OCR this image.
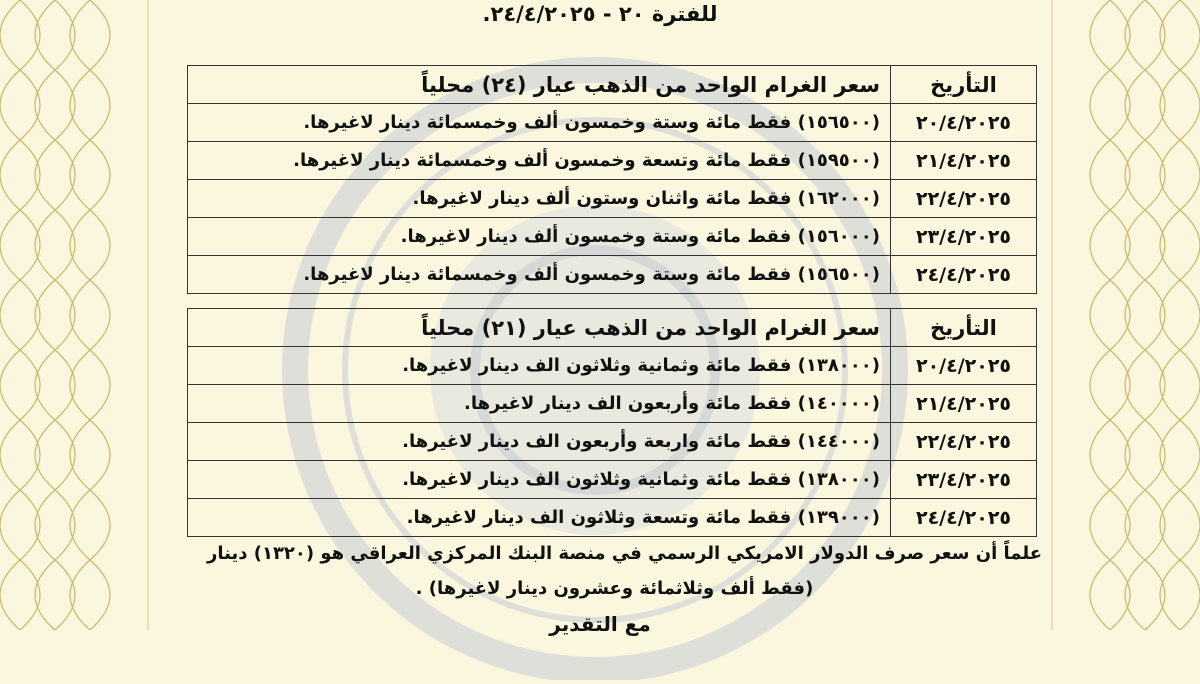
للفترة ٢٠ - ٢٤/٤/٢٠٢٥.
التأريخ	سعر الغرام الواحد من الذهب عيار (٢٤) محلياً
٢٠/٤/٢٠٢٥	(١٥٦٥٠٠) فقط مائة وستة وخمسون ألف وخمسمائة دينار لاغيرها.
٢١/٤/٢٠٢٥	(١٥٩٥٠٠) فقط مائة وتسعة وخمسون ألف وخمسمائة دينار لاغيرها.
٢٢/٤/٢٠٢٥	(١٦٢٠٠٠) فقط مائة واثنان وستون ألف دينار لاغيرها.
٢٣/٤/٢٠٢٥	(١٥٦٠٠٠) فقط مائة وستة وخمسون ألف دينار لاغيرها.
٢٤/٤/٢٠٢٥	(١٥٦٥٠٠) فقط مائة وستة وخمسون ألف وخمسمائة دينار لاغيرها.
التأريخ	سعر الغرام الواحد من الذهب عيار (٢١) محلياً
٢٠/٤/٢٠٢٥	(١٣٨٠٠٠) فقط مائة وثمانية وثلاثون الف دينار لاغيرها.
٢١/٤/٢٠٢٥	(١٤٠٠٠٠) فقط مائة وأربعون الف دينار لاغيرها.
٢٢/٤/٢٠٢٥	(١٤٤٠٠٠) فقط مائة واربعة وأربعون الف دينار لاغيرها.
٢٣/٤/٢٠٢٥	(١٣٨٠٠٠) فقط مائة وثمانية وثلاثون الف دينار لاغيرها.
٢٤/٤/٢٠٢٥	(١٣٩٠٠٠) فقط مائة وتسعة وثلاثون الف دينار لاغيرها.
علماً أن سعر صرف الدولار الامريكي الرسمي في منصة البنك المركزي العراقي هو (١٣٢٠) دينار
(فقط ألف وثلاثمائة وعشرون دينار لاغيرها) .
مع التقدير
